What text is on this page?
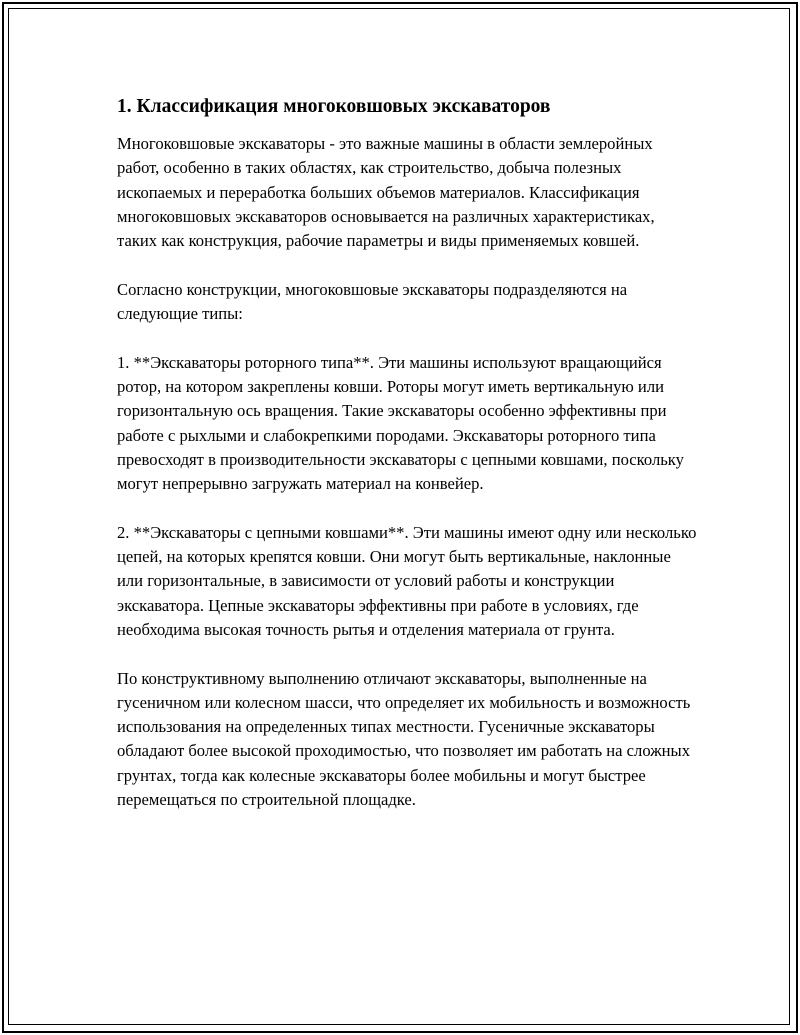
1. Классификация многоковшовых экскаваторов

Многоковшовые экскаваторы - это важные машины в области землеройных работ, особенно в таких областях, как строительство, добыча полезных ископаемых и переработка больших объемов материалов. Классификация многоковшовых экскаваторов основывается на различных характеристиках, таких как конструкция, рабочие параметры и виды применяемых ковшей.

Согласно конструкции, многоковшовые экскаваторы подразделяются на следующие типы:

1. **Экскаваторы роторного типа**. Эти машины используют вращающийся ротор, на котором закреплены ковши. Роторы могут иметь вертикальную или горизонтальную ось вращения. Такие экскаваторы особенно эффективны при работе с рыхлыми и слабокрепкими породами. Экскаваторы роторного типа превосходят в производительности экскаваторы с цепными ковшами, поскольку могут непрерывно загружать материал на конвейер.

2. **Экскаваторы с цепными ковшами**. Эти машины имеют одну или несколько цепей, на которых крепятся ковши. Они могут быть вертикальные, наклонные или горизонтальные, в зависимости от условий работы и конструкции экскаватора. Цепные экскаваторы эффективны при работе в условиях, где необходима высокая точность рытья и отделения материала от грунта.

По конструктивному выполнению отличают экскаваторы, выполненные на гусеничном или колесном шасси, что определяет их мобильность и возможность использования на определенных типах местности. Гусеничные экскаваторы обладают более высокой проходимостью, что позволяет им работать на сложных грунтах, тогда как колесные экскаваторы более мобильны и могут быстрее перемещаться по строительной площадке.
